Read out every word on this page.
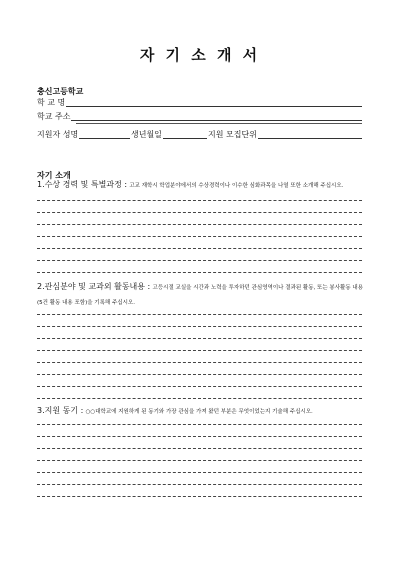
자 기 소 개 서
충신고등학교
학 교 명
학교 주소
지원자 성명	생년월일	지원 모집단위
자기 소개
1.수상 경력 및 특별과정 : 고교 재학시 학업분야에서의 수상경력이나 이수한 심화과목을 나열 또한 소개해 주십시오.
2.관심분야 및 교과외 활동내용 : 고등시절 교실을 시간과 노력을 투자하던 관심영역이나 결과된 활동, 또는 봉사활동 내용(5건 활동 내용 포함)을 기록해 주십시오.
3.지원 동기 : ○○대학교에 지원하게 된 동기와 가장 관심을 가져 왔던 부분은 무엇이었는지 기술해 주십시오.
